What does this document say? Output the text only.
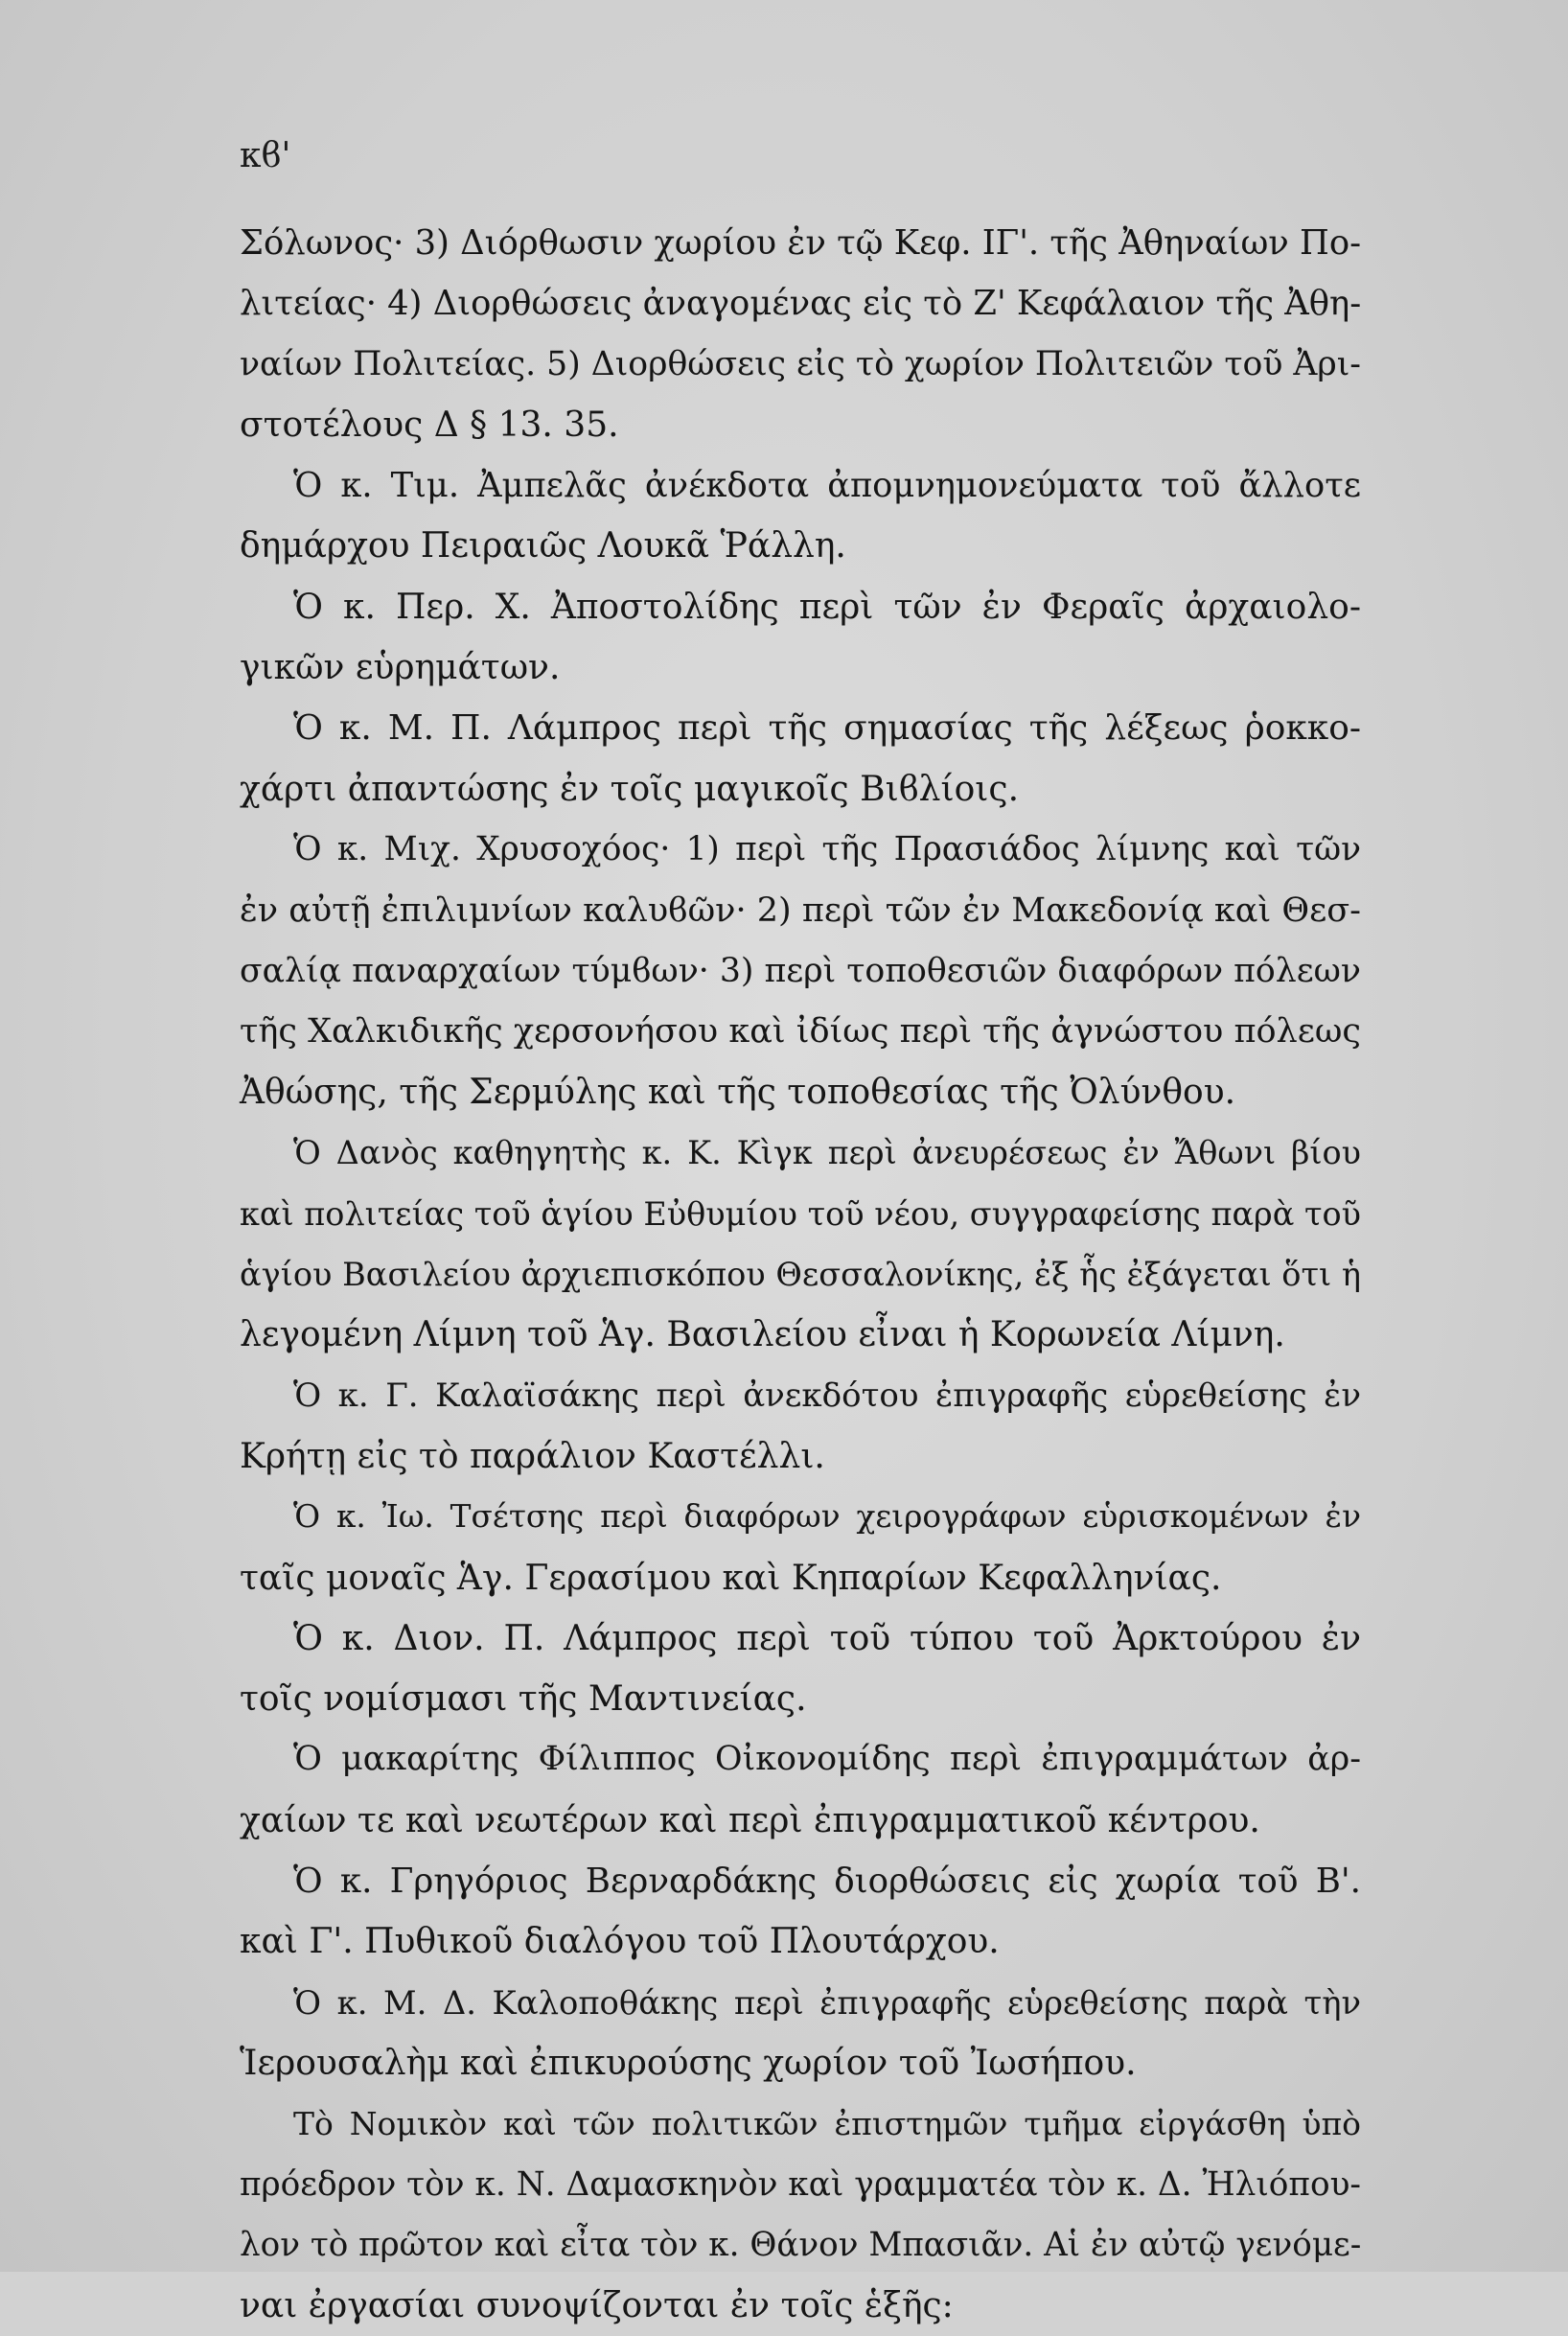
κϐ'
Σόλωνος· 3) Διόρθωσιν χωρίου ἐν τῷ Κεφ. ΙΓ'. τῆς Ἀθηναίων Πο-
λιτείας· 4) Διορθώσεις ἀναγομένας εἰς τὸ Ζ' Κεφάλαιον τῆς Ἀθη-
ναίων Πολιτείας. 5) Διορθώσεις εἰς τὸ χωρίον Πολιτειῶν τοῦ Ἀρι-
στοτέλους Δ § 13. 35.
Ὁ κ. Τιμ. Ἀμπελᾶς ἀνέκδοτα ἀπομνημονεύματα τοῦ ἄλλοτε
δημάρχου Πειραιῶς Λουκᾶ Ῥάλλη.
Ὁ κ. Περ. Χ. Ἀποστολίδης περὶ τῶν ἐν Φεραῖς ἀρχαιολο-
γικῶν εὑρημάτων.
Ὁ κ. Μ. Π. Λάμπρος περὶ τῆς σημασίας τῆς λέξεως ῥοκκο-
χάρτι ἀπαντώσης ἐν τοῖς μαγικοῖς Βιϐλίοις.
Ὁ κ. Μιχ. Χρυσοχόος· 1) περὶ τῆς Πρασιάδος λίμνης καὶ τῶν
ἐν αὐτῇ ἐπιλιμνίων καλυϐῶν· 2) περὶ τῶν ἐν Μακεδονίᾳ καὶ Θεσ-
σαλίᾳ παναρχαίων τύμϐων· 3) περὶ τοποθεσιῶν διαφόρων πόλεων
τῆς Χαλκιδικῆς χερσονήσου καὶ ἰδίως περὶ τῆς ἀγνώστου πόλεως
Ἀθώσης, τῆς Σερμύλης καὶ τῆς τοποθεσίας τῆς Ὀλύνθου.
Ὁ Δανὸς καθηγητὴς κ. Κ. Κὶγκ περὶ ἀνευρέσεως ἐν Ἄθωνι βίου
καὶ πολιτείας τοῦ ἁγίου Εὐθυμίου τοῦ νέου, συγγραφείσης παρὰ τοῦ
ἁγίου Βασιλείου ἀρχιεπισκόπου Θεσσαλονίκης, ἐξ ἧς ἐξάγεται ὅτι ἡ
λεγομένη Λίμνη τοῦ Ἁγ. Βασιλείου εἶναι ἡ Κορωνεία Λίμνη.
Ὁ κ. Γ. Καλαϊσάκης περὶ ἀνεκδότου ἐπιγραφῆς εὑρεθείσης ἐν
Κρήτῃ εἰς τὸ παράλιον Καστέλλι.
Ὁ κ. Ἰω. Τσέτσης περὶ διαφόρων χειρογράφων εὑρισκομένων ἐν
ταῖς μοναῖς Ἁγ. Γερασίμου καὶ Κηπαρίων Κεφαλληνίας.
Ὁ κ. Διον. Π. Λάμπρος περὶ τοῦ τύπου τοῦ Ἀρκτούρου ἐν
τοῖς νομίσμασι τῆς Μαντινείας.
Ὁ μακαρίτης Φίλιππος Οἰκονομίδης περὶ ἐπιγραμμάτων ἀρ-
χαίων τε καὶ νεωτέρων καὶ περὶ ἐπιγραμματικοῦ κέντρου.
Ὁ κ. Γρηγόριος Βερναρδάκης διορθώσεις εἰς χωρία τοῦ Β'.
καὶ Γ'. Πυθικοῦ διαλόγου τοῦ Πλουτάρχου.
Ὁ κ. Μ. Δ. Καλοποθάκης περὶ ἐπιγραφῆς εὑρεθείσης παρὰ τὴν
Ἱερουσαλὴμ καὶ ἐπικυρούσης χωρίον τοῦ Ἰωσήπου.
Τὸ Νομικὸν καὶ τῶν πολιτικῶν ἐπιστημῶν τμῆμα εἰργάσθη ὑπὸ
πρόεδρον τὸν κ. Ν. Δαμασκηνὸν καὶ γραμματέα τὸν κ. Δ. Ἠλιόπου-
λον τὸ πρῶτον καὶ εἶτα τὸν κ. Θάνον Μπασιᾶν. Αἱ ἐν αὐτῷ γενόμε-
ναι ἐργασίαι συνοψίζονται ἐν τοῖς ἑξῆς:
